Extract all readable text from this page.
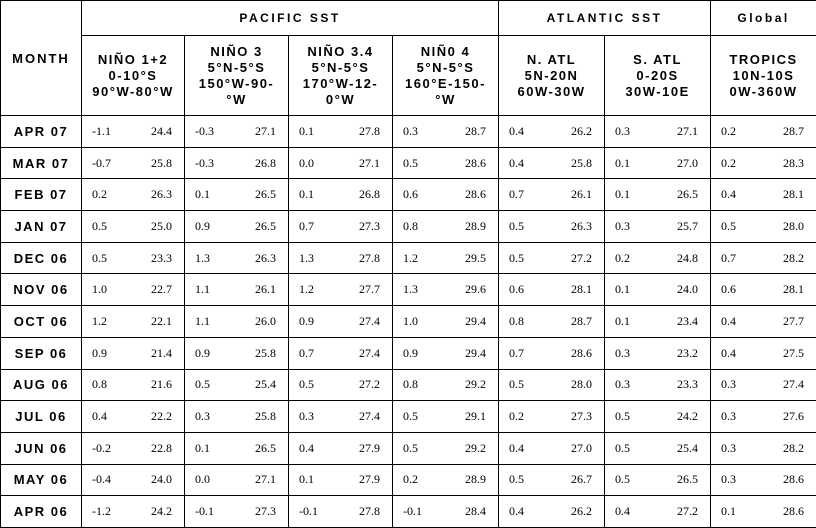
MONTH	PACIFIC SST				ATLANTIC SST		Global

	NIÑO 1+2
0-10°S
90°W-80°W	NIÑO 3
5°N-5°S
150°W-90-
°W	NIÑO 3.4
5°N-5°S
170°W-12-
0°W	NIÑ0 4
5°N-5°S
160°E-150-
°W	N. ATL
5N-20N
60W-30W	S. ATL
0-20S
30W-10E	TROPICS
10N-10S
0W-360W

APR 07	-1.1 24.4	-0.3 27.1	0.1 27.8	0.3 28.7	0.4 26.2	0.3 27.1	0.2 28.7

MAR 07	-0.7 25.8	-0.3 26.8	0.0 27.1	0.5 28.6	0.4 25.8	0.1 27.0	0.2 28.3

FEB 07	0.2 26.3	0.1 26.5	0.1 26.8	0.6 28.6	0.7 26.1	0.1 26.5	0.4 28.1

JAN 07	0.5 25.0	0.9 26.5	0.7 27.3	0.8 28.9	0.5 26.3	0.3 25.7	0.5 28.0

DEC 06	0.5 23.3	1.3 26.3	1.3 27.8	1.2 29.5	0.5 27.2	0.2 24.8	0.7 28.2

NOV 06	1.0 22.7	1.1 26.1	1.2 27.7	1.3 29.6	0.6 28.1	0.1 24.0	0.6 28.1

OCT 06	1.2 22.1	1.1 26.0	0.9 27.4	1.0 29.4	0.8 28.7	0.1 23.4	0.4 27.7

SEP 06	0.9 21.4	0.9 25.8	0.7 27.4	0.9 29.4	0.7 28.6	0.3 23.2	0.4 27.5

AUG 06	0.8 21.6	0.5 25.4	0.5 27.2	0.8 29.2	0.5 28.0	0.3 23.3	0.3 27.4

JUL 06	0.4 22.2	0.3 25.8	0.3 27.4	0.5 29.1	0.2 27.3	0.5 24.2	0.3 27.6

JUN 06	-0.2 22.8	0.1 26.5	0.4 27.9	0.5 29.2	0.4 27.0	0.5 25.4	0.3 28.2

MAY 06	-0.4 24.0	0.0 27.1	0.1 27.9	0.2 28.9	0.5 26.7	0.5 26.5	0.3 28.6

APR 06	-1.2 24.2	-0.1 27.3	-0.1 27.8	-0.1 28.4	0.4 26.2	0.4 27.2	0.1 28.6
